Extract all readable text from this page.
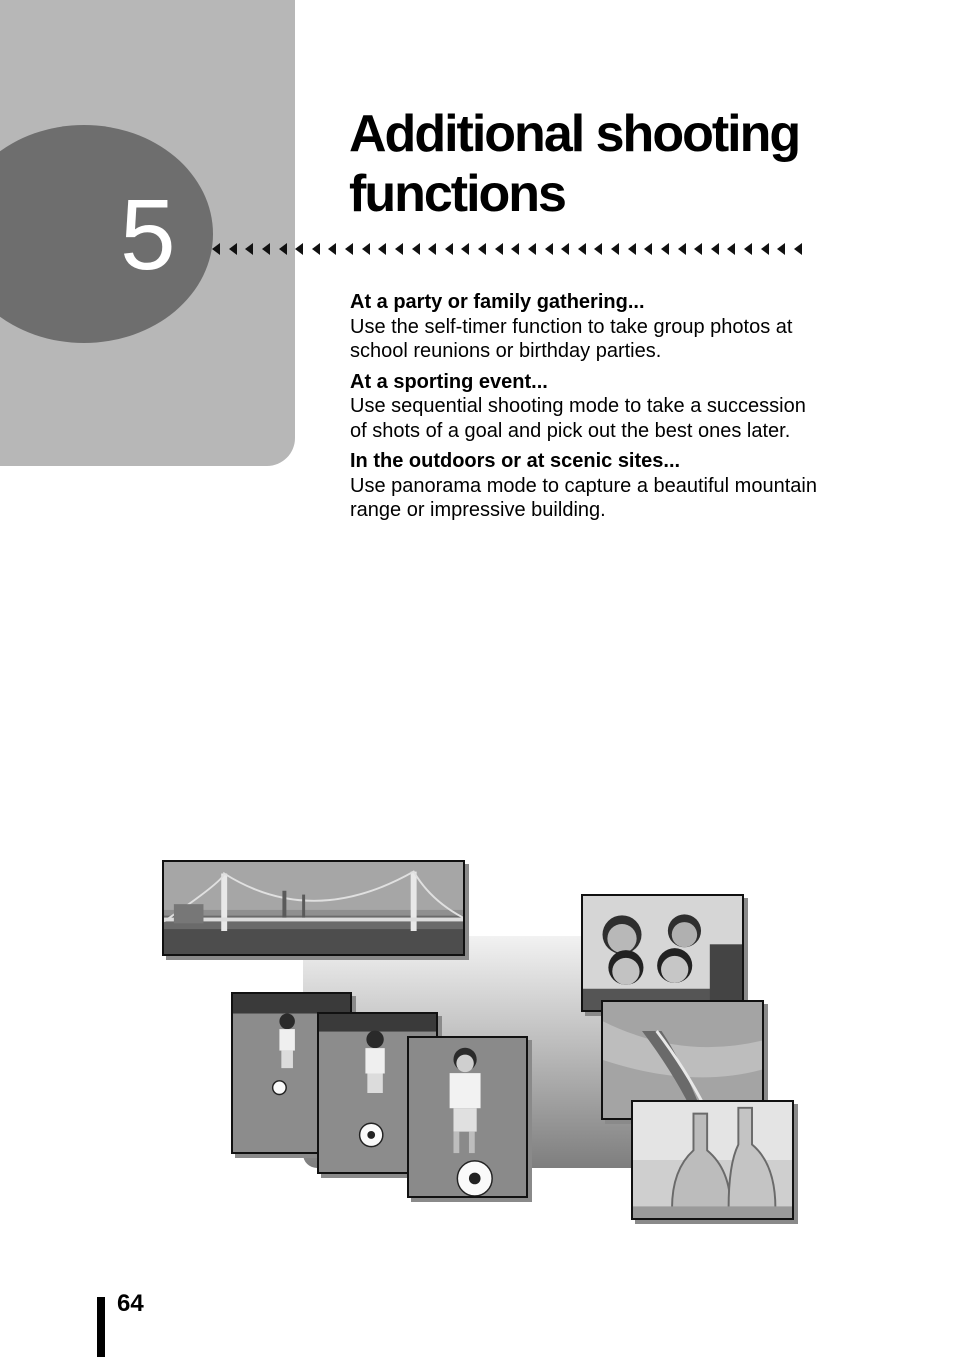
5
Additional shooting
functions
At a party or family gathering...
Use the self-timer function to take group photos at school reunions or birthday parties.
At a sporting event...
Use sequential shooting mode to take a succession of shots of a goal and pick out the best ones later.
In the outdoors or at scenic sites...
Use panorama mode to capture a beautiful mountain range or impressive building.
64
